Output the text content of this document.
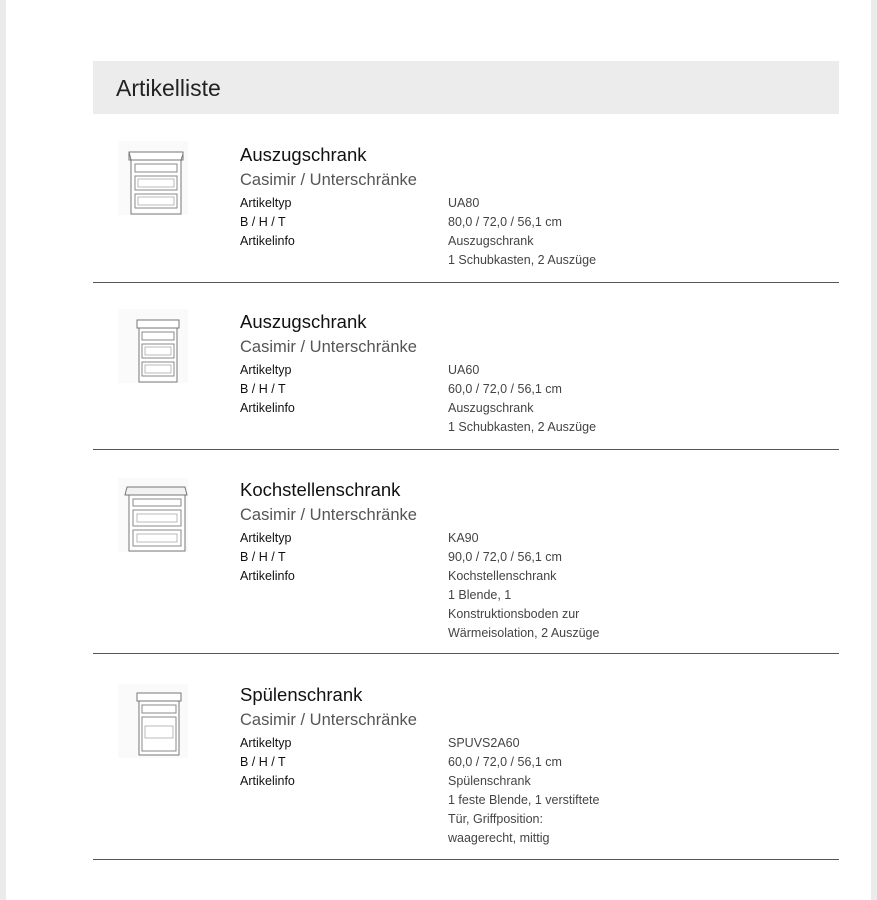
Artikelliste
Auszugschrank
Casimir / Unterschränke
Artikeltyp
B / H / T
Artikelinfo
UA80
80,0 / 72,0 / 56,1 cm
Auszugschrank
1 Schubkasten, 2 Auszüge
Auszugschrank
Casimir / Unterschränke
Artikeltyp
B / H / T
Artikelinfo
UA60
60,0 / 72,0 / 56,1 cm
Auszugschrank
1 Schubkasten, 2 Auszüge
Kochstellenschrank
Casimir / Unterschränke
Artikeltyp
B / H / T
Artikelinfo
KA90
90,0 / 72,0 / 56,1 cm
Kochstellenschrank
1 Blende, 1
Konstruktionsboden zur
Wärmeisolation, 2 Auszüge
Spülenschrank
Casimir / Unterschränke
Artikeltyp
B / H / T
Artikelinfo
SPUVS2A60
60,0 / 72,0 / 56,1 cm
Spülenschrank
1 feste Blende, 1 verstiftete
Tür, Griffposition:
waagerecht, mittig
